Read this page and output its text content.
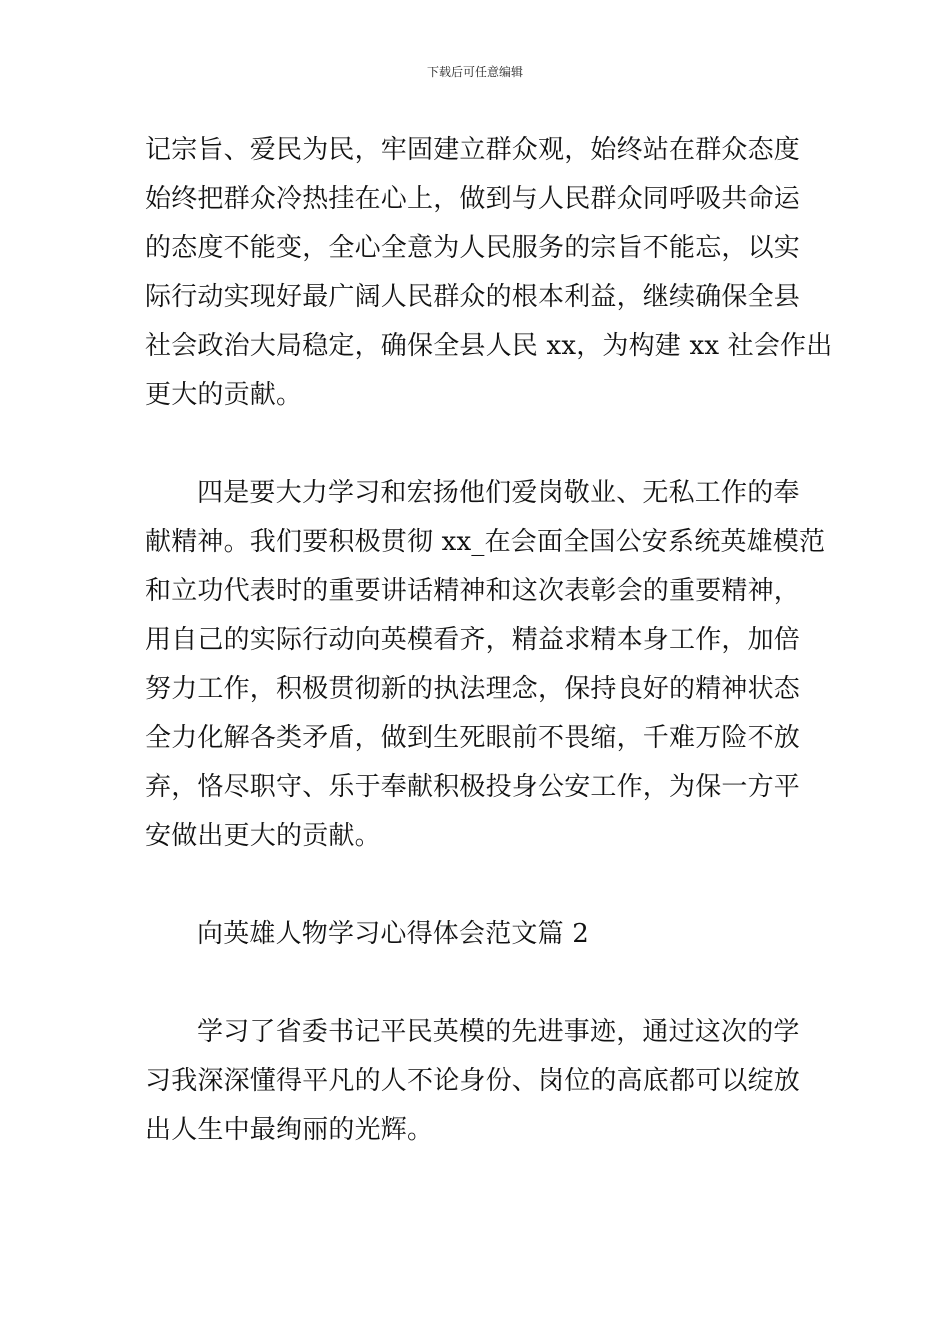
下载后可任意编辑
记宗旨、爱民为民，牢固建立群众观，始终站在群众态度
始终把群众冷热挂在心上，做到与人民群众同呼吸共命运
的态度不能变，全心全意为人民服务的宗旨不能忘，以实
际行动实现好最广阔人民群众的根本利益，继续确保全县
社会政治大局稳定，确保全县人民 xx，为构建 xx 社会作出
更大的贡献。
四是要大力学习和宏扬他们爱岗敬业、无私工作的奉
献精神。我们要积极贯彻 xx_在会面全国公安系统英雄模范
和立功代表时的重要讲话精神和这次表彰会的重要精神，
用自己的实际行动向英模看齐，精益求精本身工作，加倍
努力工作，积极贯彻新的执法理念，保持良好的精神状态
全力化解各类矛盾，做到生死眼前不畏缩，千难万险不放
弃，恪尽职守、乐于奉献积极投身公安工作，为保一方平
安做出更大的贡献。
向英雄人物学习心得体会范文篇 2
学习了省委书记平民英模的先进事迹，通过这次的学
习我深深懂得平凡的人不论身份、岗位的高底都可以绽放
出人生中最绚丽的光辉。
